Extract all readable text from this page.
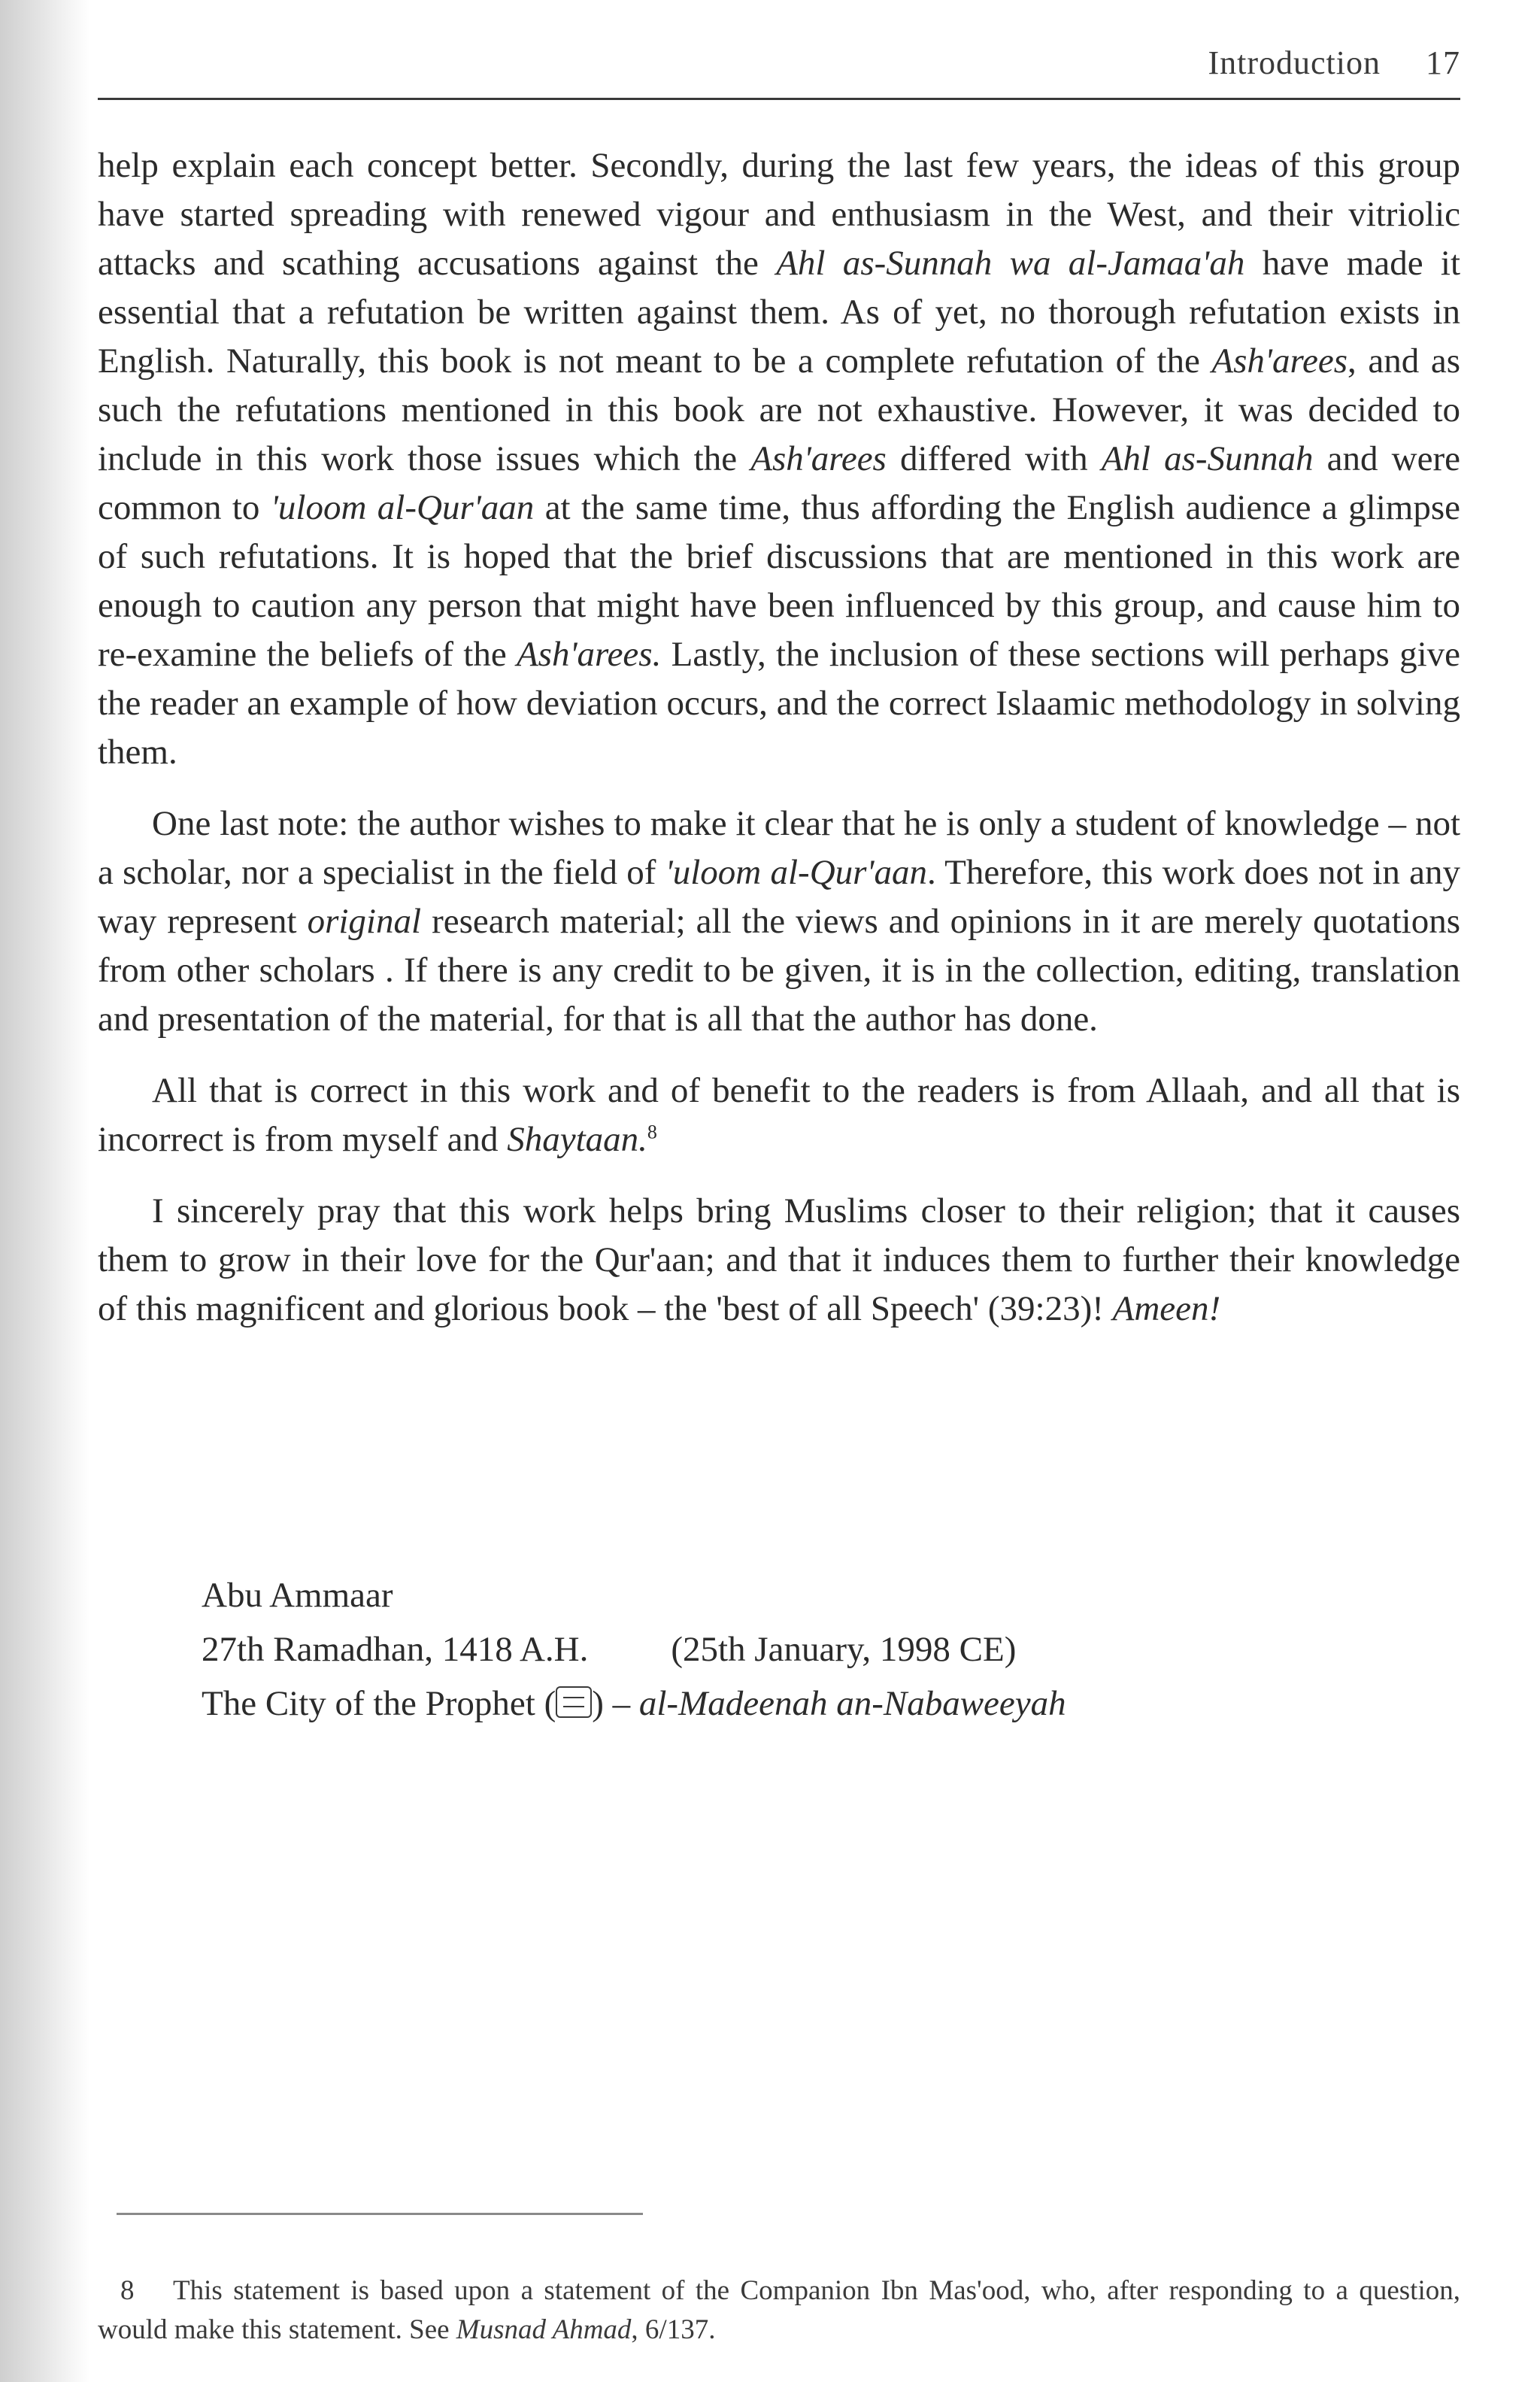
Introduction 17

help explain each concept better. Secondly, during the last few years, the ideas of this group have started spreading with renewed vigour and enthusiasm in the West, and their vitriolic attacks and scathing accusations against the Ahl as-Sunnah wa al-Jamaa'ah have made it essential that a refutation be written against them. As of yet, no thorough refutation exists in English. Naturally, this book is not meant to be a complete refutation of the Ash'arees, and as such the refutations mentioned in this book are not exhaustive. However, it was decided to include in this work those issues which the Ash'arees differed with Ahl as-Sunnah and were common to 'uloom al-Qur'aan at the same time, thus affording the English audience a glimpse of such refutations. It is hoped that the brief discussions that are mentioned in this work are enough to caution any person that might have been influenced by this group, and cause him to re-examine the beliefs of the Ash'arees. Lastly, the inclusion of these sections will perhaps give the reader an example of how deviation occurs, and the correct Islaamic methodology in solving them.

One last note: the author wishes to make it clear that he is only a student of knowledge – not a scholar, nor a specialist in the field of 'uloom al-Qur'aan. Therefore, this work does not in any way represent original research material; all the views and opinions in it are merely quotations from other scholars . If there is any credit to be given, it is in the collection, editing, translation and presentation of the material, for that is all that the author has done.

All that is correct in this work and of benefit to the readers is from Allaah, and all that is incorrect is from myself and Shaytaan.$^8$

I sincerely pray that this work helps bring Muslims closer to their religion; that it causes them to grow in their love for the Qur'aan; and that it induces them to further their knowledge of this magnificent and glorious book – the 'best of all Speech' (39:23)! Ameen!

Abu Ammaar
27th Ramadhan, 1418 A.H. (25th January, 1998 CE)
The City of the Prophet ( ) – al-Madeenah an-Nabaweeyah
8 This statement is based upon a statement of the Companion Ibn Mas'ood, who, after responding to a question, would make this statement. See Musnad Ahmad, 6/137.
